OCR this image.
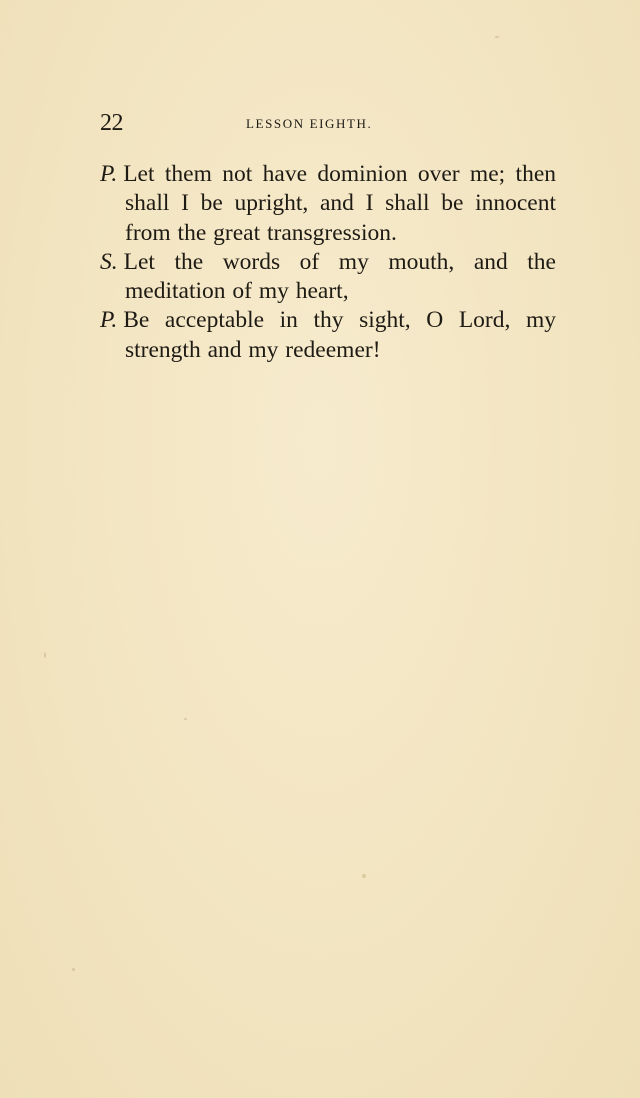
22	LESSON EIGHTH.

P. Let them not have dominion over me; then shall I be upright, and I shall be innocent from the great transgression.

S. Let the words of my mouth, and the meditation of my heart,

P. Be acceptable in thy sight, O Lord, my strength and my redeemer!
